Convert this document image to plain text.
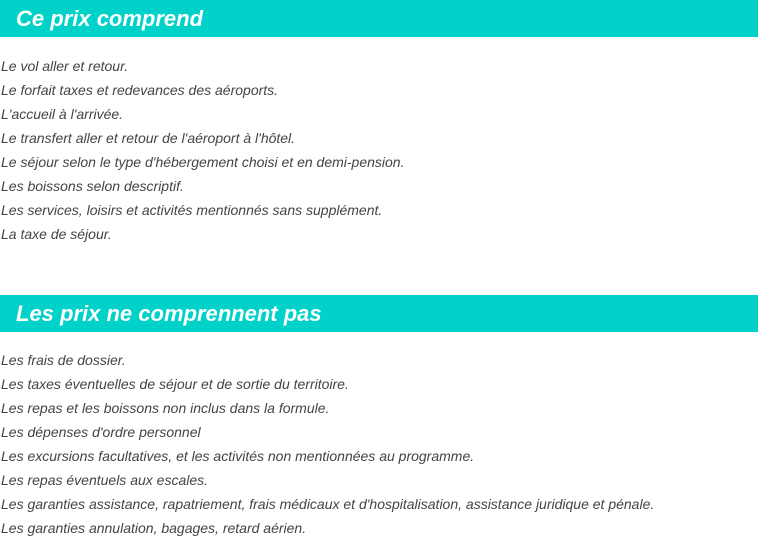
Ce prix comprend
Le vol aller et retour.
Le forfait taxes et redevances des aéroports.
L'accueil à l'arrivée.
Le transfert aller et retour de l'aéroport à l'hôtel.
Le séjour selon le type d'hébergement choisi et en demi-pension.
Les boissons selon descriptif.
Les services, loisirs et activités mentionnés sans supplément.
La taxe de séjour.
Les prix ne comprennent pas
Les frais de dossier.
Les taxes éventuelles de séjour et de sortie du territoire.
Les repas et les boissons non inclus dans la formule.
Les dépenses d'ordre personnel
Les excursions facultatives, et les activités non mentionnées au programme.
Les repas éventuels aux escales.
Les garanties assistance, rapatriement, frais médicaux et d'hospitalisation, assistance juridique et pénale.
Les garanties annulation, bagages, retard aérien.
